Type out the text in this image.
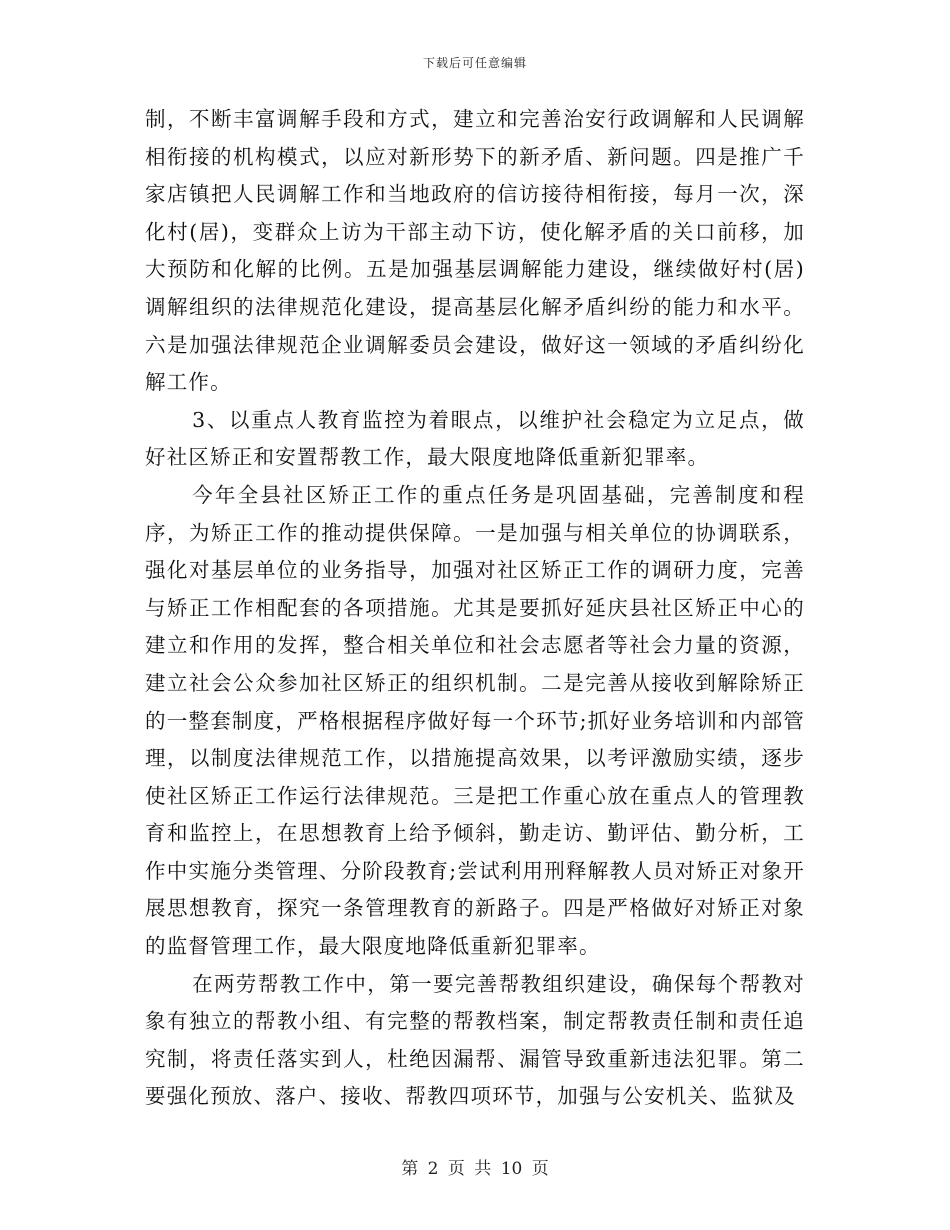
下载后可任意编辑

制，不断丰富调解手段和方式，建立和完善治安行政调解和人民调解相衔接的机构模式，以应对新形势下的新矛盾、新问题。四是推广千家店镇把人民调解工作和当地政府的信访接待相衔接，每月一次，深化村(居)，变群众上访为干部主动下访，使化解矛盾的关口前移，加大预防和化解的比例。五是加强基层调解能力建设，继续做好村(居)调解组织的法律规范化建设，提高基层化解矛盾纠纷的能力和水平。六是加强法律规范企业调解委员会建设，做好这一领域的矛盾纠纷化解工作。

3、以重点人教育监控为着眼点，以维护社会稳定为立足点，做好社区矫正和安置帮教工作，最大限度地降低重新犯罪率。

今年全县社区矫正工作的重点任务是巩固基础，完善制度和程序，为矫正工作的推动提供保障。一是加强与相关单位的协调联系，强化对基层单位的业务指导，加强对社区矫正工作的调研力度，完善与矫正工作相配套的各项措施。尤其是要抓好延庆县社区矫正中心的建立和作用的发挥，整合相关单位和社会志愿者等社会力量的资源，建立社会公众参加社区矫正的组织机制。二是完善从接收到解除矫正的一整套制度，严格根据程序做好每一个环节;抓好业务培训和内部管理，以制度法律规范工作，以措施提高效果，以考评激励实绩，逐步使社区矫正工作运行法律规范。三是把工作重心放在重点人的管理教育和监控上，在思想教育上给予倾斜，勤走访、勤评估、勤分析，工作中实施分类管理、分阶段教育;尝试利用刑释解教人员对矫正对象开展思想教育，探究一条管理教育的新路子。四是严格做好对矫正对象的监督管理工作，最大限度地降低重新犯罪率。

在两劳帮教工作中，第一要完善帮教组织建设，确保每个帮教对象有独立的帮教小组、有完整的帮教档案，制定帮教责任制和责任追究制，将责任落实到人，杜绝因漏帮、漏管导致重新违法犯罪。第二要强化预放、落户、接收、帮教四项环节，加强与公安机关、监狱及

第 2 页 共 10 页
